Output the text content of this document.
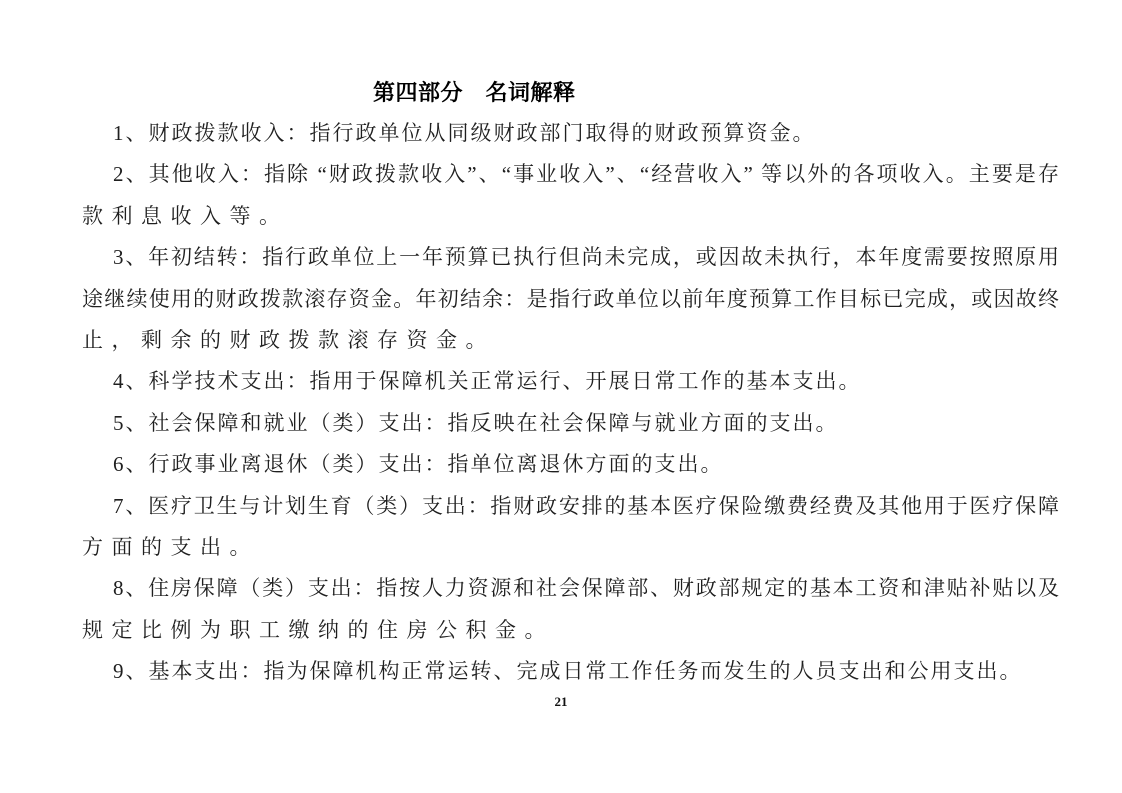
第四部分　名词解释
1、财政拨款收入：指行政单位从同级财政部门取得的财政预算资金。
2、其他收入：指除 “财政拨款收入”、“事业收入”、“经营收入” 等以外的各项收入。主要是存
款利息收入等。
3、年初结转：指行政单位上一年预算已执行但尚未完成，或因故未执行，本年度需要按照原用
途继续使用的财政拨款滚存资金。年初结余：是指行政单位以前年度预算工作目标已完成，或因故终
止，剩余的财政拨款滚存资金。
4、科学技术支出：指用于保障机关正常运行、开展日常工作的基本支出。
5、社会保障和就业（类）支出：指反映在社会保障与就业方面的支出。
6、行政事业离退休（类）支出：指单位离退休方面的支出。
7、医疗卫生与计划生育（类）支出：指财政安排的基本医疗保险缴费经费及其他用于医疗保障
方面的支出。
8、住房保障（类）支出：指按人力资源和社会保障部、财政部规定的基本工资和津贴补贴以及
规定比例为职工缴纳的住房公积金。
9、基本支出：指为保障机构正常运转、完成日常工作任务而发生的人员支出和公用支出。
21
